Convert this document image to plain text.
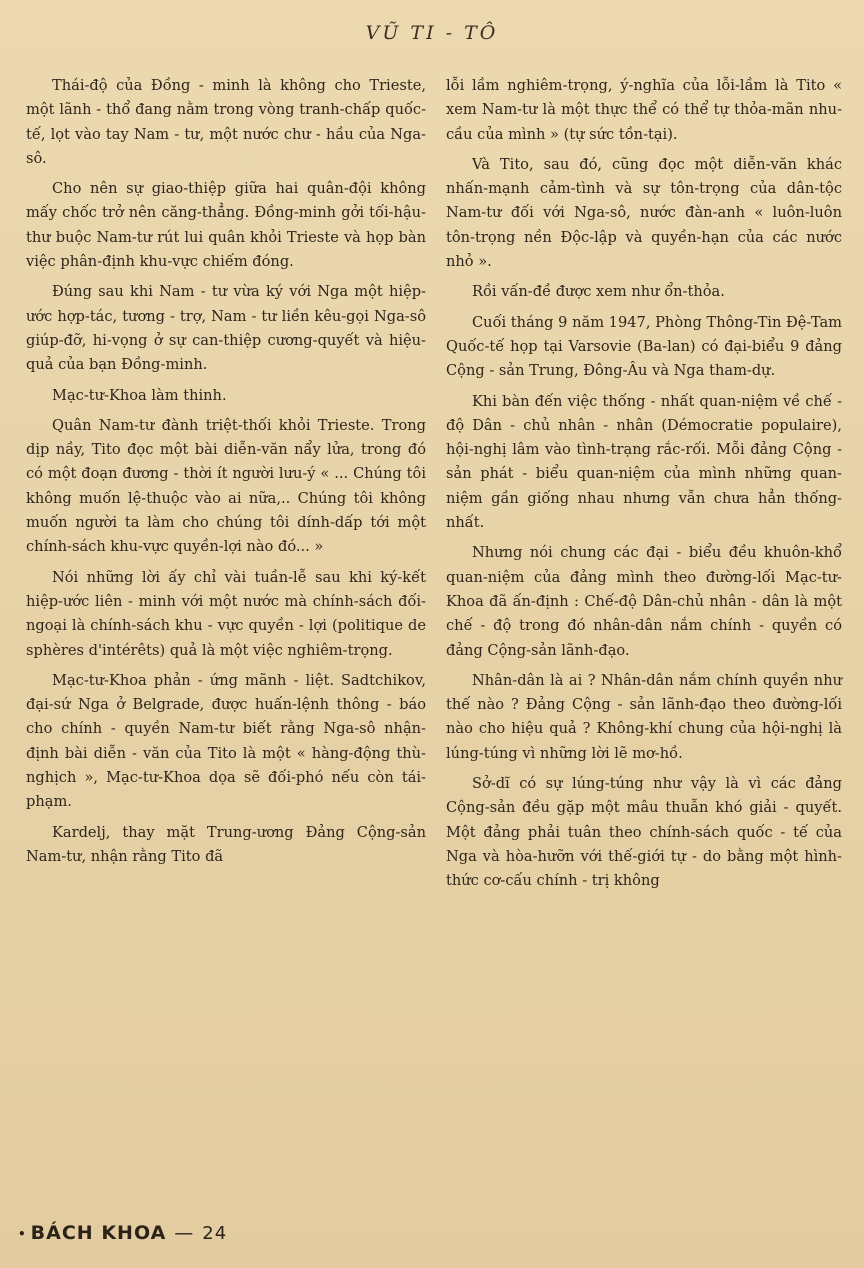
VŨ TI - TÔ

Thái-độ của Đồng - minh là không cho Trieste, một lãnh - thổ đang nằm trong vòng tranh-chấp quốc-tế, lọt vào tay Nam - tư, một nước chư - hầu của Nga-sô.

Cho nên sự giao-thiệp giữa hai quân-đội không mấy chốc trở nên căng-thẳng. Đồng-minh gởi tối-hậu-thư buộc Nam-tư rút lui quân khỏi Trieste và họp bàn việc phân-định khu-vực chiếm đóng.

Đúng sau khi Nam - tư vừa ký với Nga một hiệp-ước hợp-tác, tương - trợ, Nam - tư liền kêu-gọi Nga-sô giúp-đỡ, hi-vọng ở sự can-thiệp cương-quyết và hiệu-quả của bạn Đồng-minh.

Mạc-tư-Khoa làm thinh.

Quân Nam-tư đành triệt-thối khỏi Trieste. Trong dịp nầy, Tito đọc một bài diễn-văn nẩy lửa, trong đó có một đoạn đương - thời ít người lưu-ý « ... Chúng tôi không muốn lệ-thuộc vào ai nữa,.. Chúng tôi không muốn người ta làm cho chúng tôi dính-dấp tới một chính-sách khu-vực quyền-lợi nào đó... »

Nói những lời ấy chỉ vài tuần-lễ sau khi ký-kết hiệp-ước liên - minh với một nước mà chính-sách đối-ngoại là chính-sách khu - vực quyền - lợi (politique de sphères d'intérêts) quả là một việc nghiêm-trọng.

Mạc-tư-Khoa phản - ứng mãnh - liệt. Sadtchikov, đại-sứ Nga ở Belgrade, được huấn-lệnh thông - báo cho chính - quyền Nam-tư biết rằng Nga-sô nhận-định bài diễn - văn của Tito là một « hàng-động thù-nghịch », Mạc-tư-Khoa dọa sẽ đối-phó nếu còn tái-phạm.

Kardelj, thay mặt Trung-ương Đảng Cộng-sản Nam-tư, nhận rằng Tito đã

lỗi lầm nghiêm-trọng, ý-nghĩa của lỗi-lầm là Tito « xem Nam-tư là một thực thể có thể tự thỏa-mãn nhu-cầu của mình » (tự sức tồn-tại).

Và Tito, sau đó, cũng đọc một diễn-văn khác nhấn-mạnh cảm-tình và sự tôn-trọng của dân-tộc Nam-tư đối với Nga-sô, nước đàn-anh « luôn-luôn tôn-trọng nền Độc-lập và quyền-hạn của các nước nhỏ ».

Rồi vấn-đề được xem như ổn-thỏa.

Cuối tháng 9 năm 1947, Phòng Thông-Tin Đệ-Tam Quốc-tế họp tại Varsovie (Ba-lan) có đại-biểu 9 đảng Cộng - sản Trung, Đông-Âu và Nga tham-dự.

Khi bàn đến việc thống - nhất quan-niệm về chế - độ Dân - chủ nhân - nhân (Démocratie populaire), hội-nghị lâm vào tình-trạng rắc-rối. Mỗi đảng Cộng - sản phát - biểu quan-niệm của mình những quan-niệm gần giống nhau nhưng vẫn chưa hẳn thống-nhất.

Nhưng nói chung các đại - biểu đều khuôn-khổ quan-niệm của đảng mình theo đường-lối Mạc-tư-Khoa đã ấn-định : Chế-độ Dân-chủ nhân - dân là một chế - độ trong đó nhân-dân nắm chính - quyền có đảng Cộng-sản lãnh-đạo.

Nhân-dân là ai ? Nhân-dân nắm chính quyền như thế nào ? Đảng Cộng - sản lãnh-đạo theo đường-lối nào cho hiệu quả ? Không-khí chung của hội-nghị là lúng-túng vì những lời lẽ mơ-hồ.

Sở-dĩ có sự lúng-túng như vậy là vì các đảng Cộng-sản đều gặp một mâu thuẫn khó giải - quyết. Một đảng phải tuân theo chính-sách quốc - tế của Nga và hòa-hưỡn với thế-giới tự - do bằng một hình-thức cơ-cấu chính - trị không

• BÁCH KHOA — 24
